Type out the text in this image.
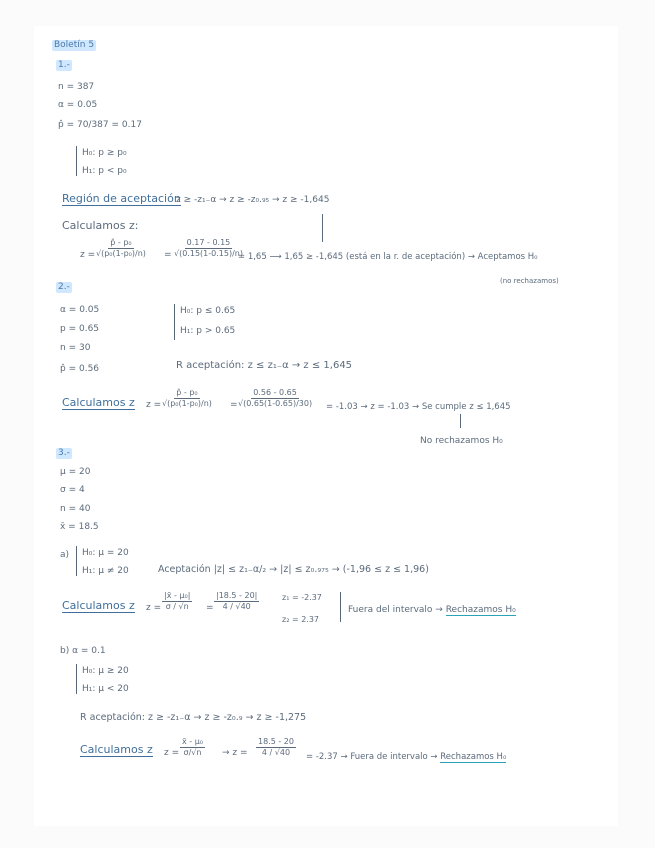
Boletín 5
1.-
n = 387
α = 0.05
p̂ = 70/387 = 0.17
H₀: p ≥ p₀
H₁: p < p₀
Región de aceptación
z ≥ -z₁₋α → z ≥ -z₀.₉₅ → z ≥ -1,645
Calculamos z:
$z = \frac{\text{p̂ - p₀}}{\text{√(p₀(1-p₀)/n)}} = \frac{0.17 - 0.15}{√(0.15(1-0.15)/n)}$
= 1,65 ⟶ 1,65 ≥ -1,645 (está en la r. de aceptación) → Aceptamos H₀
(no rechazamos)
2.-
α = 0.05
p = 0.65
n = 30
p̂ = 0.56
H₀: p ≤ 0.65
H₁: p > 0.65
R aceptación: z ≤ z₁₋α → z ≤ 1,645
Calculamos z $z = \frac{\text{p̂ - p₀}}{\text{√(p₀(1-p₀)/n)}} = \frac{0.56 - 0.65}{√(0.65(1-0.65)/30)} = -1.03 \to z = -1.03 \to Se$ cumple z ≤ 1,645
No rechazamos H₀
3.-
μ = 20
σ = 4
n = 40
x̄ = 18.5
a) H₀: μ = 20
H₁: μ ≠ 20	Aceptación |z| ≤ z₁₋α/₂ → |z| ≤ z₀.₉₇₅ → (-1,96 ≤ z ≤ 1,96)
Calculamos z $z = \frac{\text{|x̄ - μ₀|}}{\sigma / √n} = \frac{|18.5 - 20|}{4 / √40}$	z₁ = -2.37
z₂ = 2.37
Fuera del intervalo → Rechazamos H₀
b) α = 0.1
H₀: μ ≥ 20
H₁: μ < 20
R aceptación: z ≥ -z₁₋α → z ≥ -z₀.₉ → z ≥ -1,275
Calculamos z $z = \frac{\text{x̄ - μ₀}}{\sigma/√n} \to z = \frac{18.5 - 20}{4 / √40} = -2.37$ → Fuera de intervalo → Rechazamos H₀
